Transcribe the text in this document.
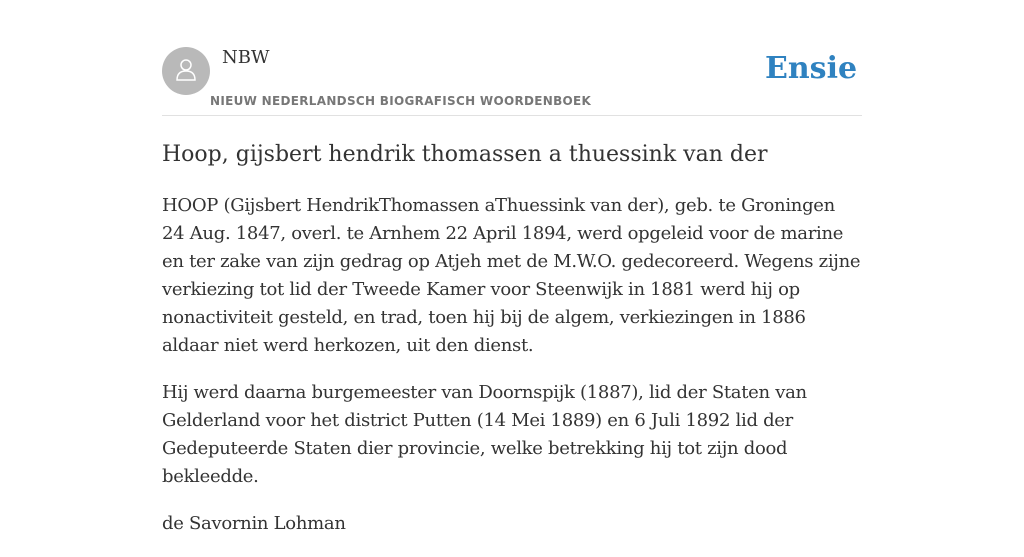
NBW
NIEUW NEDERLANDSCH BIOGRAFISCH WOORDENBOEK
Ensie
Hoop, gijsbert hendrik thomassen a thuessink van der

HOOP (Gijsbert HendrikThomassen aThuessink van der), geb. te Groningen 24 Aug. 1847, overl. te Arnhem 22 April 1894, werd opgeleid voor de marine en ter zake van zijn gedrag op Atjeh met de M.W.O. gedecoreerd. Wegens zijne verkiezing tot lid der Tweede Kamer voor Steenwijk in 1881 werd hij op nonactiviteit gesteld, en trad, toen hij bij de algem, verkiezingen in 1886 aldaar niet werd herkozen, uit den dienst.

Hij werd daarna burgemeester van Doornspijk (1887), lid der Staten van Gelderland voor het district Putten (14 Mei 1889) en 6 Juli 1892 lid der Gedeputeerde Staten dier provincie, welke betrekking hij tot zijn dood bekleedde.

de Savornin Lohman
